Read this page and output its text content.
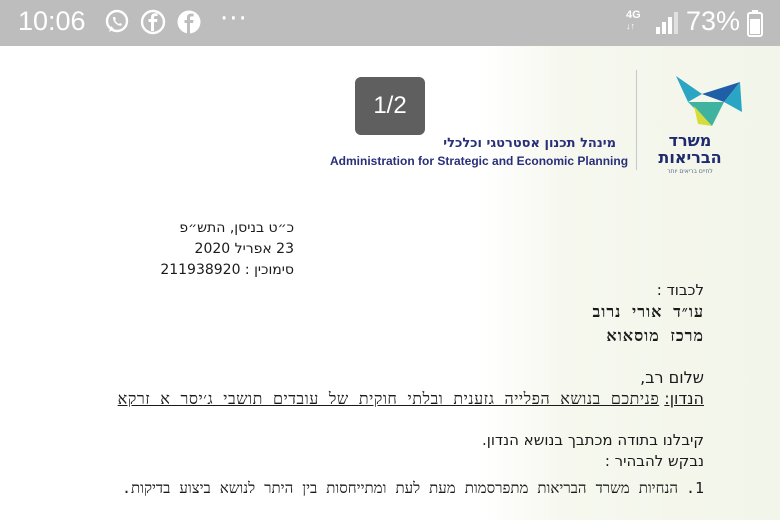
10:06	···	4G
↓↑ 73%
1/2
מינהל תכנון אסטרטגי וכלכלי
Administration for Strategic and Economic Planning
משרד
הבריאות
לחיים בריאים יותר
כ״ט בניסן, התש״פ
23 אפריל 2020
סימוכין : 211938920
לכבוד :
עו״ד אורי נרוב
מרכז מוסאוא
שלום רב,
הנדון: פניתכם בנושא הפלייה גזענית ובלתי חוקית של עובדים תושבי ג׳יסר א זרקא
קיבלנו בתודה מכתבך בנושא הנדון.
נבקש להבהיר :
1.
הנחיות משרד הבריאות מתפרסמות מעת לעת ומתייחסות בין היתר לנושא ביצוע בדיקות.
